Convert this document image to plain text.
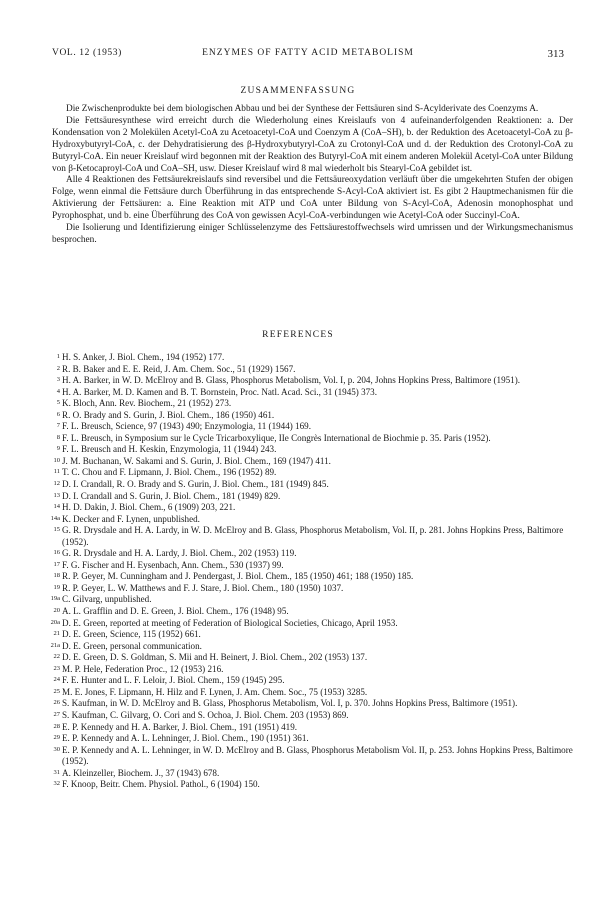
VOL. 12 (1953)	ENZYMES OF FATTY ACID METABOLISM	313
ZUSAMMENFASSUNG

Die Zwischenprodukte bei dem biologischen Abbau und bei der Synthese der Fettsäuren sind S-Acylderivate des Coenzyms A.

Die Fettsäuresynthese wird erreicht durch die Wiederholung eines Kreislaufs von 4 aufeinanderfolgenden Reaktionen: a. Der Kondensation von 2 Molekülen Acetyl-CoA zu Acetoacetyl-CoA und Coenzym A (CoA–SH), b. der Reduktion des Acetoacetyl-CoA zu β-Hydroxybutyryl-CoA, c. der Dehydratisierung des β-Hydroxybutyryl-CoA zu Crotonyl-CoA und d. der Reduktion des Crotonyl-CoA zu Butyryl-CoA. Ein neuer Kreislauf wird begonnen mit der Reaktion des Butyryl-CoA mit einem anderen Molekül Acetyl-CoA unter Bildung von β-Ketocaproyl-CoA und CoA–SH, usw. Dieser Kreislauf wird 8 mal wiederholt bis Stearyl-CoA gebildet ist.

Alle 4 Reaktionen des Fettsäurekreislaufs sind reversibel und die Fettsäureoxydation verläuft über die umgekehrten Stufen der obigen Folge, wenn einmal die Fettsäure durch Überführung in das entsprechende S-Acyl-CoA aktiviert ist. Es gibt 2 Hauptmechanismen für die Aktivierung der Fettsäuren: a. Eine Reaktion mit ATP und CoA unter Bildung von S-Acyl-CoA, Adenosin monophosphat und Pyrophosphat, und b. eine Überführung des CoA von gewissen Acyl-CoA-verbindungen wie Acetyl-CoA oder Succinyl-CoA.

Die Isolierung und Identifizierung einiger Schlüsselenzyme des Fettsäurestoffwechsels wird umrissen und der Wirkungsmechanismus besprochen.

REFERENCES
1 H. S. Anker, J. Biol. Chem., 194 (1952) 177.
2 R. B. Baker and E. E. Reid, J. Am. Chem. Soc., 51 (1929) 1567.
3 H. A. Barker, in W. D. McElroy and B. Glass, Phosphorus Metabolism, Vol. I, p. 204, Johns Hopkins Press, Baltimore (1951).
4 H. A. Barker, M. D. Kamen and B. T. Bornstein, Proc. Natl. Acad. Sci., 31 (1945) 373.
5 K. Bloch, Ann. Rev. Biochem., 21 (1952) 273.
6 R. O. Brady and S. Gurin, J. Biol. Chem., 186 (1950) 461.
7 F. L. Breusch, Science, 97 (1943) 490; Enzymologia, 11 (1944) 169.
8 F. L. Breusch, in Symposium sur le Cycle Tricarboxylique, IIe Congrès International de Biochmie p. 35. Paris (1952).
9 F. L. Breusch and H. Keskin, Enzymologia, 11 (1944) 243.
10 J. M. Buchanan, W. Sakami and S. Gurin, J. Biol. Chem., 169 (1947) 411.
11 T. C. Chou and F. Lipmann, J. Biol. Chem., 196 (1952) 89.
12 D. I. Crandall, R. O. Brady and S. Gurin, J. Biol. Chem., 181 (1949) 845.
13 D. I. Crandall and S. Gurin, J. Biol. Chem., 181 (1949) 829.
14 H. D. Dakin, J. Biol. Chem., 6 (1909) 203, 221.
14a K. Decker and F. Lynen, unpublished.
15 G. R. Drysdale and H. A. Lardy, in W. D. McElroy and B. Glass, Phosphorus Metabolism, Vol. II, p. 281. Johns Hopkins Press, Baltimore (1952).
16 G. R. Drysdale and H. A. Lardy, J. Biol. Chem., 202 (1953) 119.
17 F. G. Fischer and H. Eysenbach, Ann. Chem., 530 (1937) 99.
18 R. P. Geyer, M. Cunningham and J. Pendergast, J. Biol. Chem., 185 (1950) 461; 188 (1950) 185.
19 R. P. Geyer, L. W. Matthews and F. J. Stare, J. Biol. Chem., 180 (1950) 1037.
19a C. Gilvarg, unpublished.
20 A. L. Grafflin and D. E. Green, J. Biol. Chem., 176 (1948) 95.
20a D. E. Green, reported at meeting of Federation of Biological Societies, Chicago, April 1953.
21 D. E. Green, Science, 115 (1952) 661.
21a D. E. Green, personal communication.
22 D. E. Green, D. S. Goldman, S. Mii and H. Beinert, J. Biol. Chem., 202 (1953) 137.
23 M. P. Hele, Federation Proc., 12 (1953) 216.
24 F. E. Hunter and L. F. Leloir, J. Biol. Chem., 159 (1945) 295.
25 M. E. Jones, F. Lipmann, H. Hilz and F. Lynen, J. Am. Chem. Soc., 75 (1953) 3285.
26 S. Kaufman, in W. D. McElroy and B. Glass, Phosphorus Metabolism, Vol. I, p. 370. Johns Hopkins Press, Baltimore (1951).
27 S. Kaufman, C. Gilvarg, O. Cori and S. Ochoa, J. Biol. Chem. 203 (1953) 869.
28 E. P. Kennedy and H. A. Barker, J. Biol. Chem., 191 (1951) 419.
29 E. P. Kennedy and A. L. Lehninger, J. Biol. Chem., 190 (1951) 361.
30 E. P. Kennedy and A. L. Lehninger, in W. D. McElroy and B. Glass, Phosphorus Metabolism Vol. II, p. 253. Johns Hopkins Press, Baltimore (1952).
31 A. Kleinzeller, Biochem. J., 37 (1943) 678.
32 F. Knoop, Beitr. Chem. Physiol. Pathol., 6 (1904) 150.
